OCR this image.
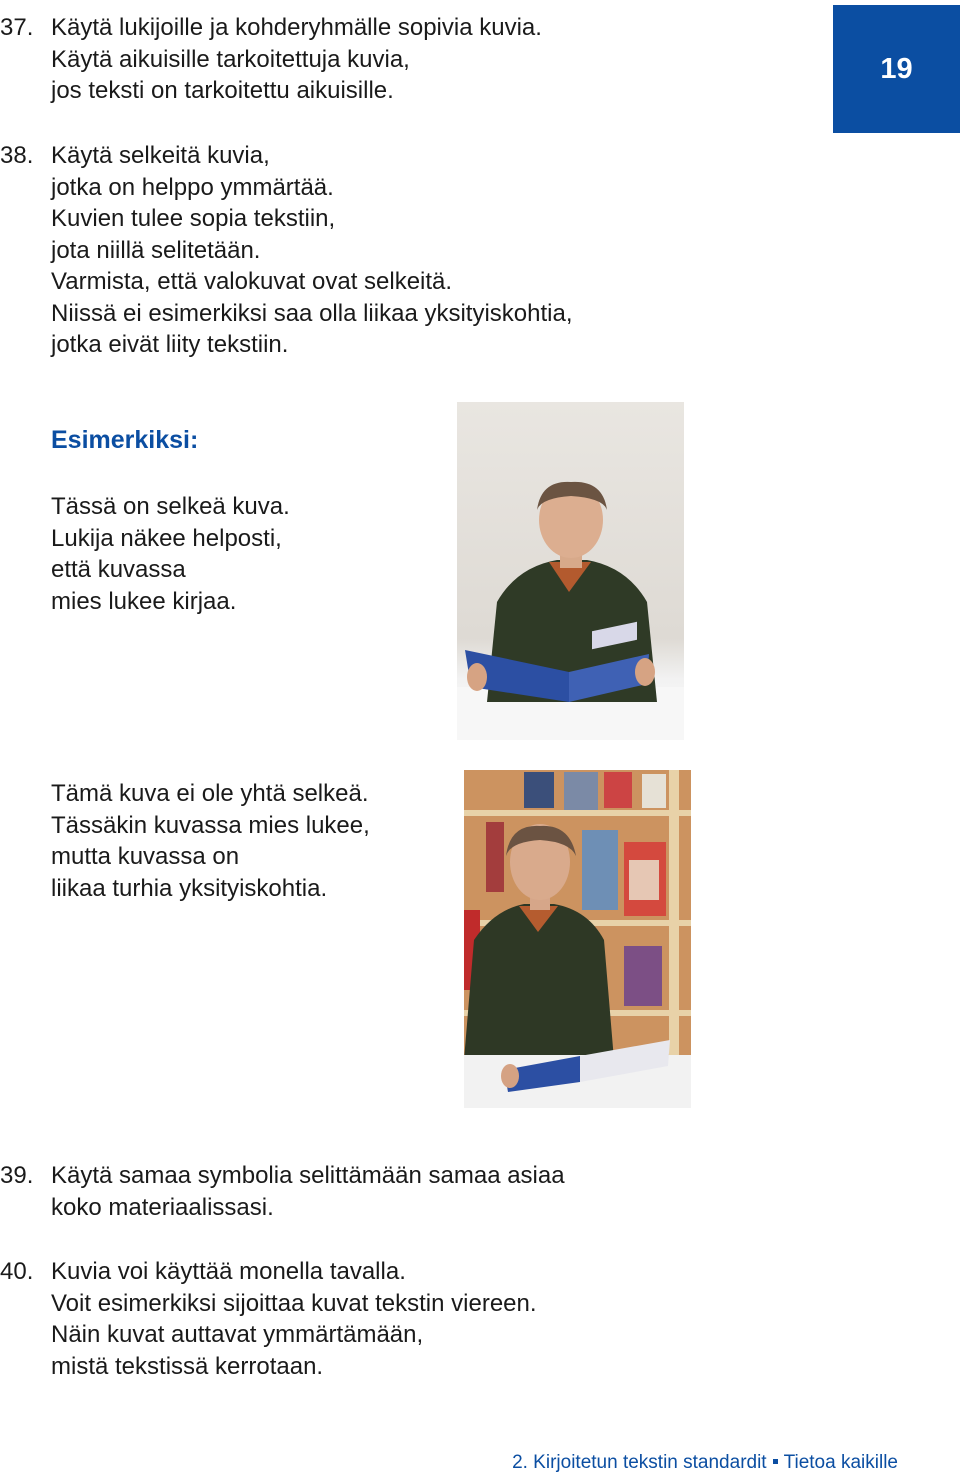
19
37. Käytä lukijoille ja kohderyhmälle sopivia kuvia.
Käytä aikuisille tarkoitettuja kuvia,
jos teksti on tarkoitettu aikuisille.
38. Käytä selkeitä kuvia,
jotka on helppo ymmärtää.
Kuvien tulee sopia tekstiin,
jota niillä selitetään.
Varmista, että valokuvat ovat selkeitä.
Niissä ei esimerkiksi saa olla liikaa yksityiskohtia,
jotka eivät liity tekstiin.
Esimerkiksi:
Tässä on selkeä kuva.
Lukija näkee helposti,
että kuvassa
mies lukee kirjaa.
Tämä kuva ei ole yhtä selkeä.
Tässäkin kuvassa mies lukee,
mutta kuvassa on
liikaa turhia yksityiskohtia.
39. Käytä samaa symbolia selittämään samaa asiaa
koko materiaalissasi.
40. Kuvia voi käyttää monella tavalla.
Voit esimerkiksi sijoittaa kuvat tekstin viereen.
Näin kuvat auttavat ymmärtämään,
mistä tekstissä kerrotaan.
2. Kirjoitetun tekstin standardit Tietoa kaikille
